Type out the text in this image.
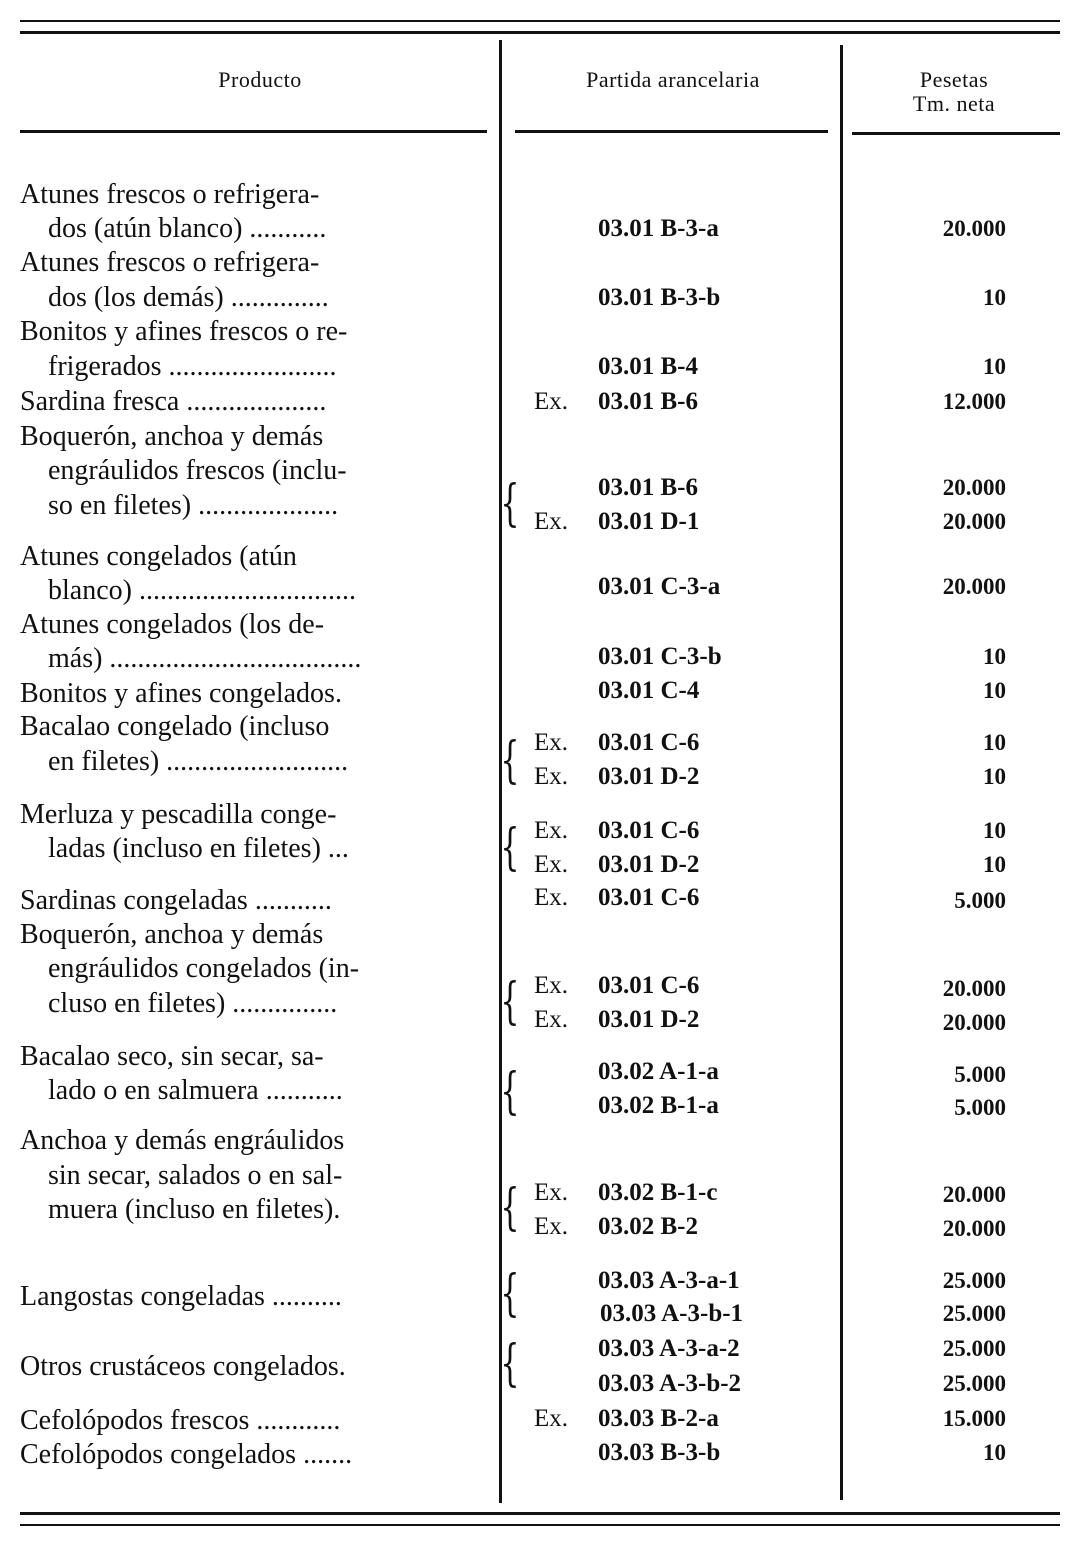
Producto	Partida arancelaria	Pesetas
Tm. neta
Atunes frescos o refrigera-
dos (atún blanco) ...........	03.01 B-3-a	20.000
Atunes frescos o refrigera-
dos (los demás) ..............	03.01 B-3-b	10
Bonitos y afines frescos o re-
frigerados ........................	03.01 B-4	10
Sardina fresca ....................	Ex. 03.01 B-6	12.000
Boquerón, anchoa y demás
engráulidos frescos (inclu-
so en filetes) ....................	{	03.01 B-6	20.000
Ex. 03.01 D-1	20.000
Atunes congelados (atún
blanco) ...............................	03.01 C-3-a	20.000
Atunes congelados (los de-
más) ....................................	03.01 C-3-b	10
Bonitos y afines congelados.	03.01 C-4	10
Bacalao congelado (incluso
en filetes) ..........................	{ Ex. 03.01 C-6	10
Ex. 03.01 D-2	10
Merluza y pescadilla conge-
ladas (incluso en filetes) ...	{ Ex. 03.01 C-6	10
Ex. 03.01 D-2	10
Sardinas congeladas ...........	Ex. 03.01 C-6	5.000
Boquerón, anchoa y demás
engráulidos congelados (in-
cluso en filetes) ...............	{ Ex. 03.01 C-6	20.000
Ex. 03.01 D-2	20.000
Bacalao seco, sin secar, sa-
lado o en salmuera ...........	{	03.02 A-1-a	5.000
03.02 B-1-a	5.000
Anchoa y demás engráulidos
sin secar, salados o en sal-
muera (incluso en filetes).	{ Ex. 03.02 B-1-c	20.000
Ex. 03.02 B-2	20.000
Langostas congeladas ..........	{	03.03 A-3-a-1	25.000
03.03 A-3-b-1	25.000
Otros crustáceos congelados.	{	03.03 A-3-a-2	25.000
03.03 A-3-b-2	25.000
Cefolópodos frescos ............	Ex. 03.03 B-2-a	15.000
Cefolópodos congelados .......	03.03 B-3-b	10
